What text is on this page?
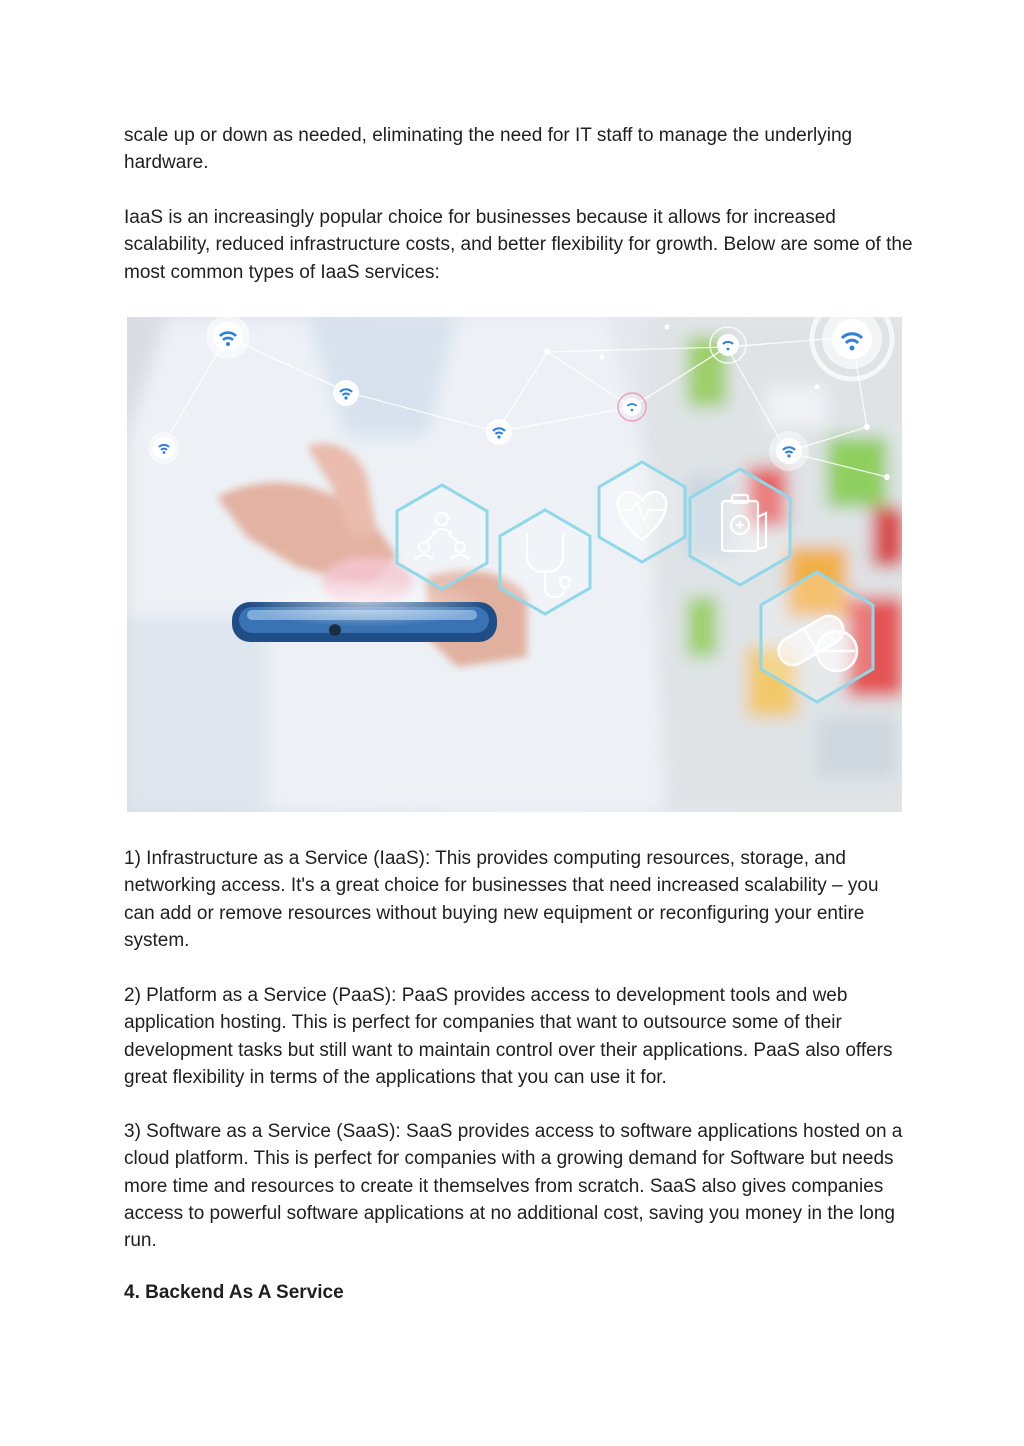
scale up or down as needed, eliminating the need for IT staff to manage the underlying hardware.

IaaS is an increasingly popular choice for businesses because it allows for increased scalability, reduced infrastructure costs, and better flexibility for growth. Below are some of the most common types of IaaS services:

1) Infrastructure as a Service (IaaS): This provides computing resources, storage, and networking access. It's a great choice for businesses that need increased scalability – you can add or remove resources without buying new equipment or reconfiguring your entire system.

2) Platform as a Service (PaaS): PaaS provides access to development tools and web application hosting. This is perfect for companies that want to outsource some of their development tasks but still want to maintain control over their applications. PaaS also offers great flexibility in terms of the applications that you can use it for.

3) Software as a Service (SaaS): SaaS provides access to software applications hosted on a cloud platform. This is perfect for companies with a growing demand for Software but needs more time and resources to create it themselves from scratch. SaaS also gives companies access to powerful software applications at no additional cost, saving you money in the long run.

4. Backend As A Service
